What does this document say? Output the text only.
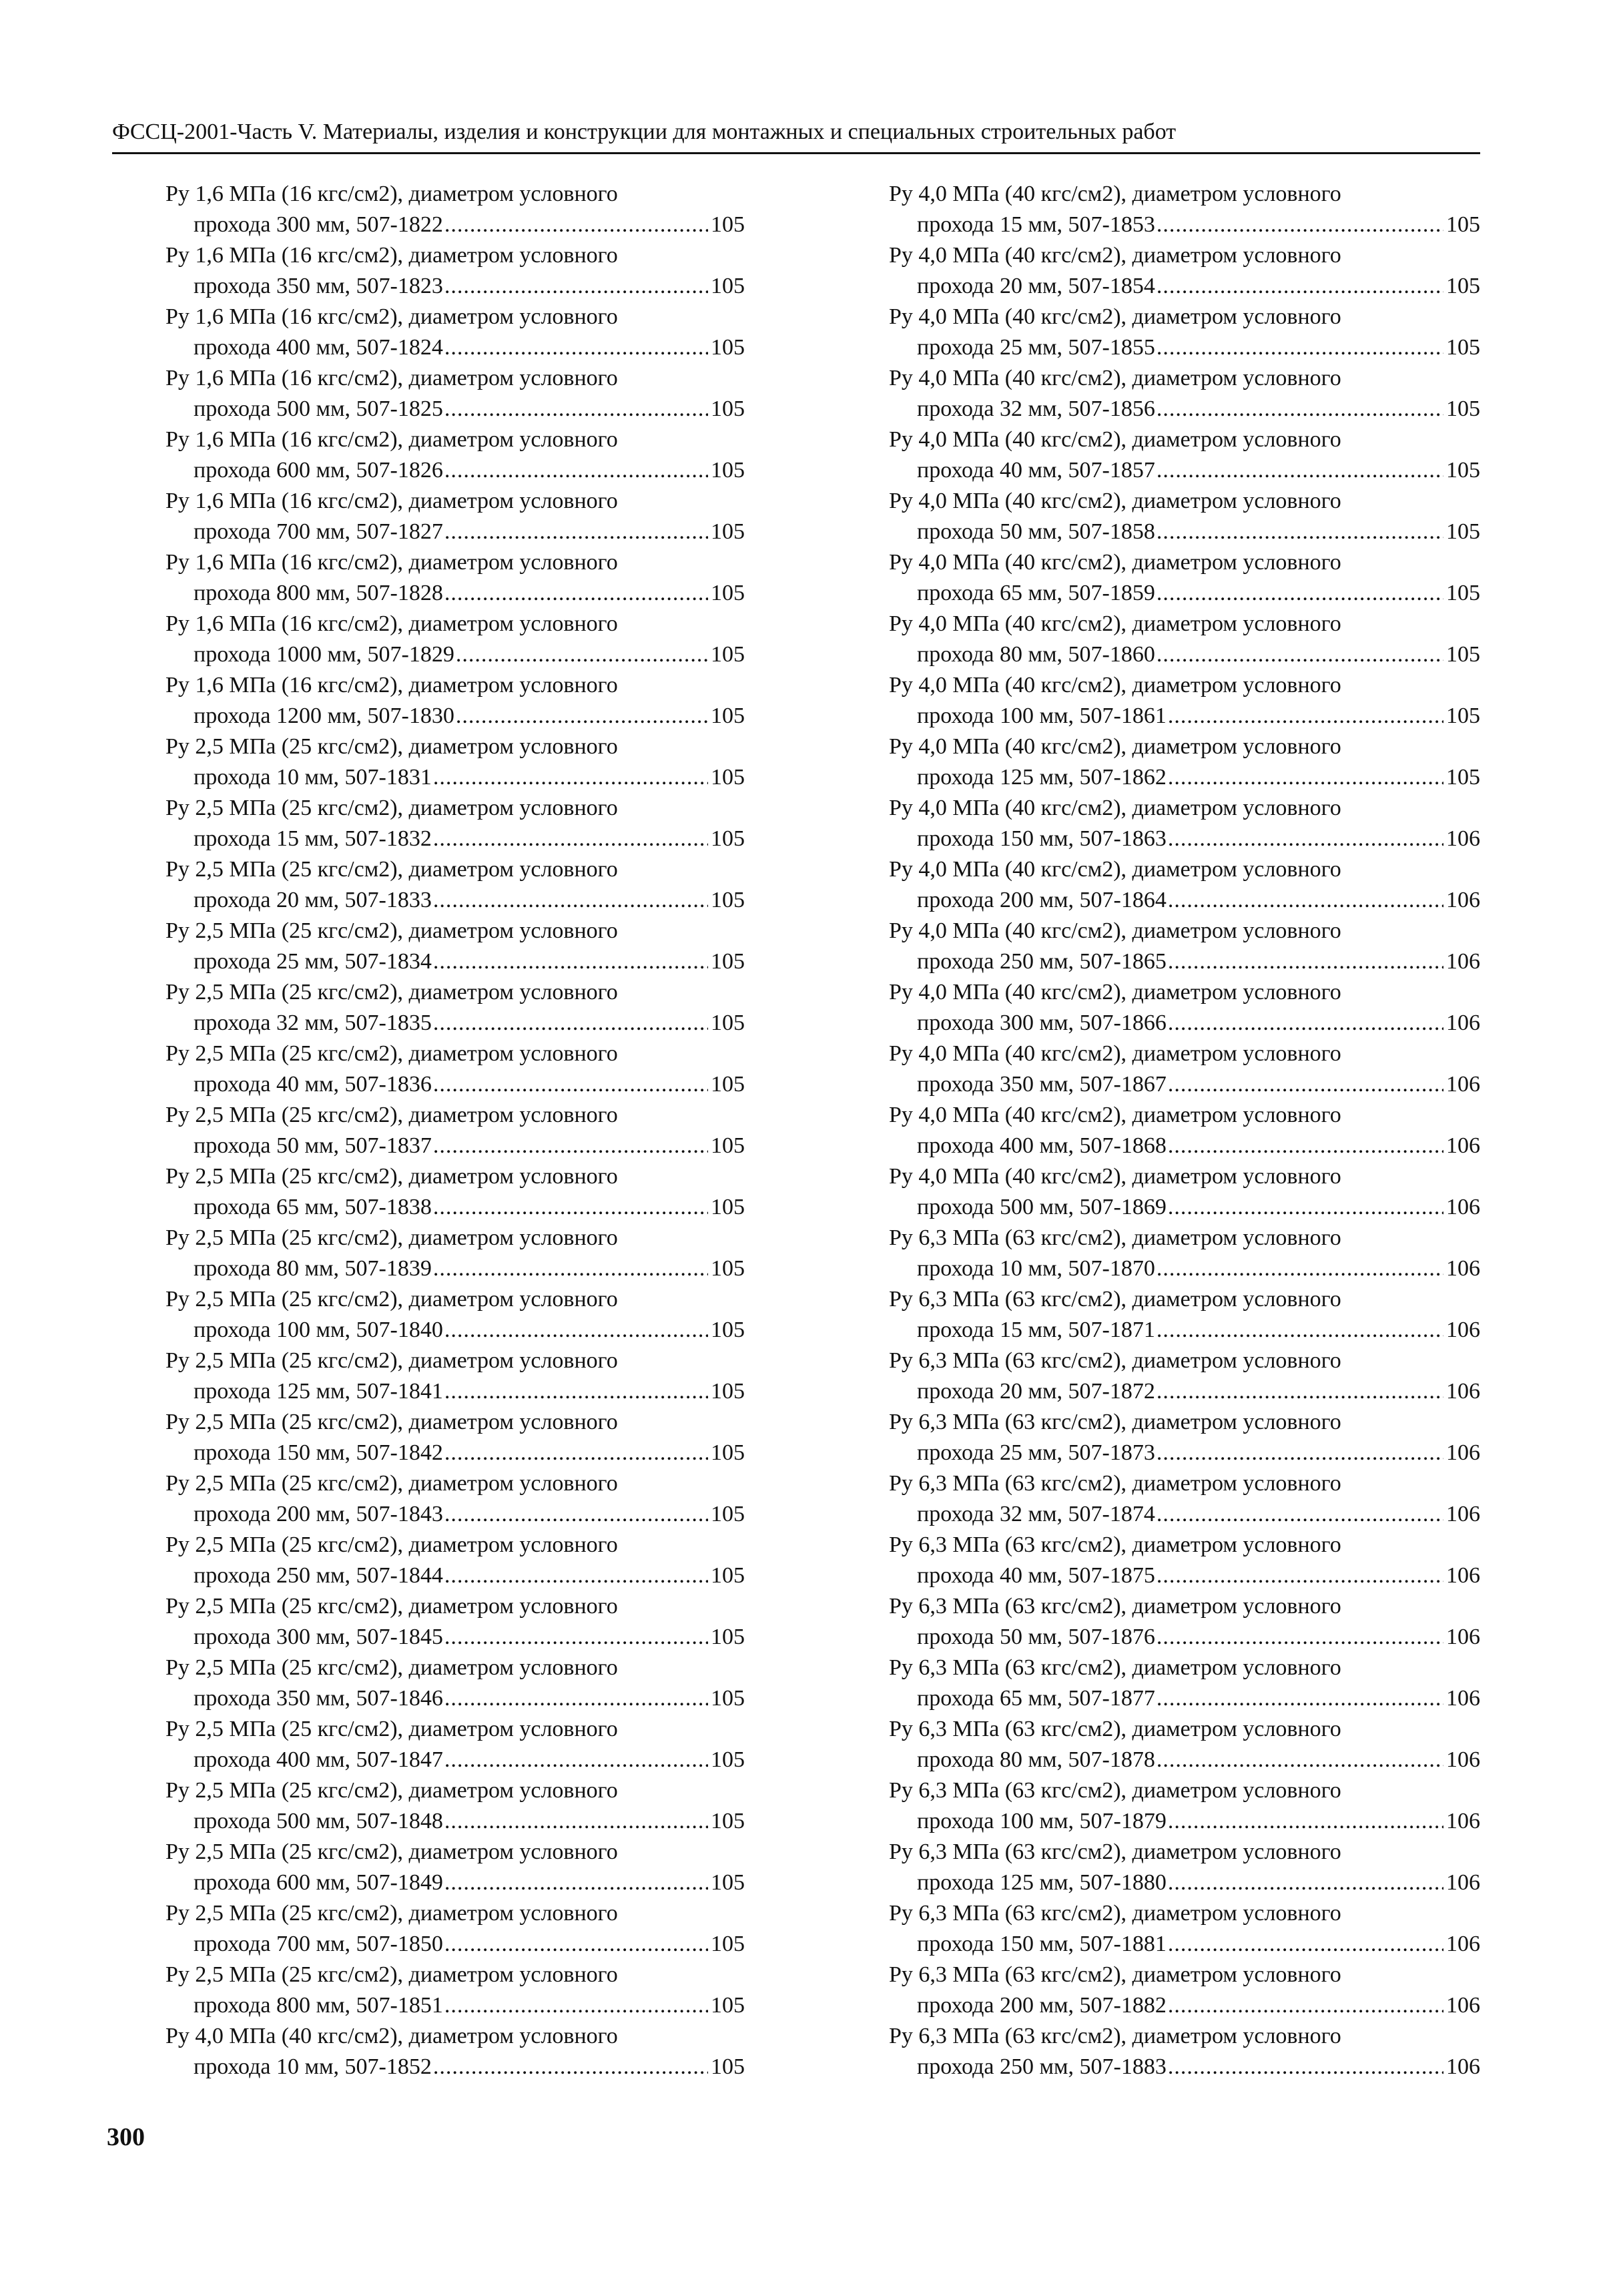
ФССЦ-2001-Часть V. Материалы, изделия и конструкции для монтажных и специальных строительных работ
Ру 1,6 МПа (16 кгс/см2), диаметром условного
прохода 300 мм, 507-1822 .....	105
Ру 1,6 МПа (16 кгс/см2), диаметром условного
прохода 350 мм, 507-1823 .....	105
Ру 1,6 МПа (16 кгс/см2), диаметром условного
прохода 400 мм, 507-1824 .....	105
Ру 1,6 МПа (16 кгс/см2), диаметром условного
прохода 500 мм, 507-1825 .....	105
Ру 1,6 МПа (16 кгс/см2), диаметром условного
прохода 600 мм, 507-1826 .....	105
Ру 1,6 МПа (16 кгс/см2), диаметром условного
прохода 700 мм, 507-1827 .....	105
Ру 1,6 МПа (16 кгс/см2), диаметром условного
прохода 800 мм, 507-1828 .....	105
Ру 1,6 МПа (16 кгс/см2), диаметром условного
прохода 1000 мм, 507-1829 .....	105
Ру 1,6 МПа (16 кгс/см2), диаметром условного
прохода 1200 мм, 507-1830 .....	105
Ру 2,5 МПа (25 кгс/см2), диаметром условного
прохода 10 мм, 507-1831 .....	105
Ру 2,5 МПа (25 кгс/см2), диаметром условного
прохода 15 мм, 507-1832 .....	105
Ру 2,5 МПа (25 кгс/см2), диаметром условного
прохода 20 мм, 507-1833 .....	105
Ру 2,5 МПа (25 кгс/см2), диаметром условного
прохода 25 мм, 507-1834 .....	105
Ру 2,5 МПа (25 кгс/см2), диаметром условного
прохода 32 мм, 507-1835 .....	105
Ру 2,5 МПа (25 кгс/см2), диаметром условного
прохода 40 мм, 507-1836 .....	105
Ру 2,5 МПа (25 кгс/см2), диаметром условного
прохода 50 мм, 507-1837 .....	105
Ру 2,5 МПа (25 кгс/см2), диаметром условного
прохода 65 мм, 507-1838 .....	105
Ру 2,5 МПа (25 кгс/см2), диаметром условного
прохода 80 мм, 507-1839 .....	105
Ру 2,5 МПа (25 кгс/см2), диаметром условного
прохода 100 мм, 507-1840 .....	105
Ру 2,5 МПа (25 кгс/см2), диаметром условного
прохода 125 мм, 507-1841 .....	105
Ру 2,5 МПа (25 кгс/см2), диаметром условного
прохода 150 мм, 507-1842 .....	105
Ру 2,5 МПа (25 кгс/см2), диаметром условного
прохода 200 мм, 507-1843 .....	105
Ру 2,5 МПа (25 кгс/см2), диаметром условного
прохода 250 мм, 507-1844 .....	105
Ру 2,5 МПа (25 кгс/см2), диаметром условного
прохода 300 мм, 507-1845 .....	105
Ру 2,5 МПа (25 кгс/см2), диаметром условного
прохода 350 мм, 507-1846 .....	105
Ру 2,5 МПа (25 кгс/см2), диаметром условного
прохода 400 мм, 507-1847 .....	105
Ру 2,5 МПа (25 кгс/см2), диаметром условного
прохода 500 мм, 507-1848 .....	105
Ру 2,5 МПа (25 кгс/см2), диаметром условного
прохода 600 мм, 507-1849 .....	105
Ру 2,5 МПа (25 кгс/см2), диаметром условного
прохода 700 мм, 507-1850 .....	105
Ру 2,5 МПа (25 кгс/см2), диаметром условного
прохода 800 мм, 507-1851 .....	105
Ру 4,0 МПа (40 кгс/см2), диаметром условного
прохода 10 мм, 507-1852 .....	105
Ру 4,0 МПа (40 кгс/см2), диаметром условного
прохода 15 мм, 507-1853 .....	105
Ру 4,0 МПа (40 кгс/см2), диаметром условного
прохода 20 мм, 507-1854 .....	105
Ру 4,0 МПа (40 кгс/см2), диаметром условного
прохода 25 мм, 507-1855 .....	105
Ру 4,0 МПа (40 кгс/см2), диаметром условного
прохода 32 мм, 507-1856 .....	105
Ру 4,0 МПа (40 кгс/см2), диаметром условного
прохода 40 мм, 507-1857 .....	105
Ру 4,0 МПа (40 кгс/см2), диаметром условного
прохода 50 мм, 507-1858 .....	105
Ру 4,0 МПа (40 кгс/см2), диаметром условного
прохода 65 мм, 507-1859 .....	105
Ру 4,0 МПа (40 кгс/см2), диаметром условного
прохода 80 мм, 507-1860 .....	105
Ру 4,0 МПа (40 кгс/см2), диаметром условного
прохода 100 мм, 507-1861 .....	105
Ру 4,0 МПа (40 кгс/см2), диаметром условного
прохода 125 мм, 507-1862 .....	105
Ру 4,0 МПа (40 кгс/см2), диаметром условного
прохода 150 мм, 507-1863 .....	106
Ру 4,0 МПа (40 кгс/см2), диаметром условного
прохода 200 мм, 507-1864 .....	106
Ру 4,0 МПа (40 кгс/см2), диаметром условного
прохода 250 мм, 507-1865 .....	106
Ру 4,0 МПа (40 кгс/см2), диаметром условного
прохода 300 мм, 507-1866 .....	106
Ру 4,0 МПа (40 кгс/см2), диаметром условного
прохода 350 мм, 507-1867 .....	106
Ру 4,0 МПа (40 кгс/см2), диаметром условного
прохода 400 мм, 507-1868 .....	106
Ру 4,0 МПа (40 кгс/см2), диаметром условного
прохода 500 мм, 507-1869 .....	106
Ру 6,3 МПа (63 кгс/см2), диаметром условного
прохода 10 мм, 507-1870 .....	106
Ру 6,3 МПа (63 кгс/см2), диаметром условного
прохода 15 мм, 507-1871 .....	106
Ру 6,3 МПа (63 кгс/см2), диаметром условного
прохода 20 мм, 507-1872 .....	106
Ру 6,3 МПа (63 кгс/см2), диаметром условного
прохода 25 мм, 507-1873 .....	106
Ру 6,3 МПа (63 кгс/см2), диаметром условного
прохода 32 мм, 507-1874 .....	106
Ру 6,3 МПа (63 кгс/см2), диаметром условного
прохода 40 мм, 507-1875 .....	106
Ру 6,3 МПа (63 кгс/см2), диаметром условного
прохода 50 мм, 507-1876 .....	106
Ру 6,3 МПа (63 кгс/см2), диаметром условного
прохода 65 мм, 507-1877 .....	106
Ру 6,3 МПа (63 кгс/см2), диаметром условного
прохода 80 мм, 507-1878 .....	106
Ру 6,3 МПа (63 кгс/см2), диаметром условного
прохода 100 мм, 507-1879 .....	106
Ру 6,3 МПа (63 кгс/см2), диаметром условного
прохода 125 мм, 507-1880 .....	106
Ру 6,3 МПа (63 кгс/см2), диаметром условного
прохода 150 мм, 507-1881 .....	106
Ру 6,3 МПа (63 кгс/см2), диаметром условного
прохода 200 мм, 507-1882 .....	106
Ру 6,3 МПа (63 кгс/см2), диаметром условного
прохода 250 мм, 507-1883 .....	106
300
